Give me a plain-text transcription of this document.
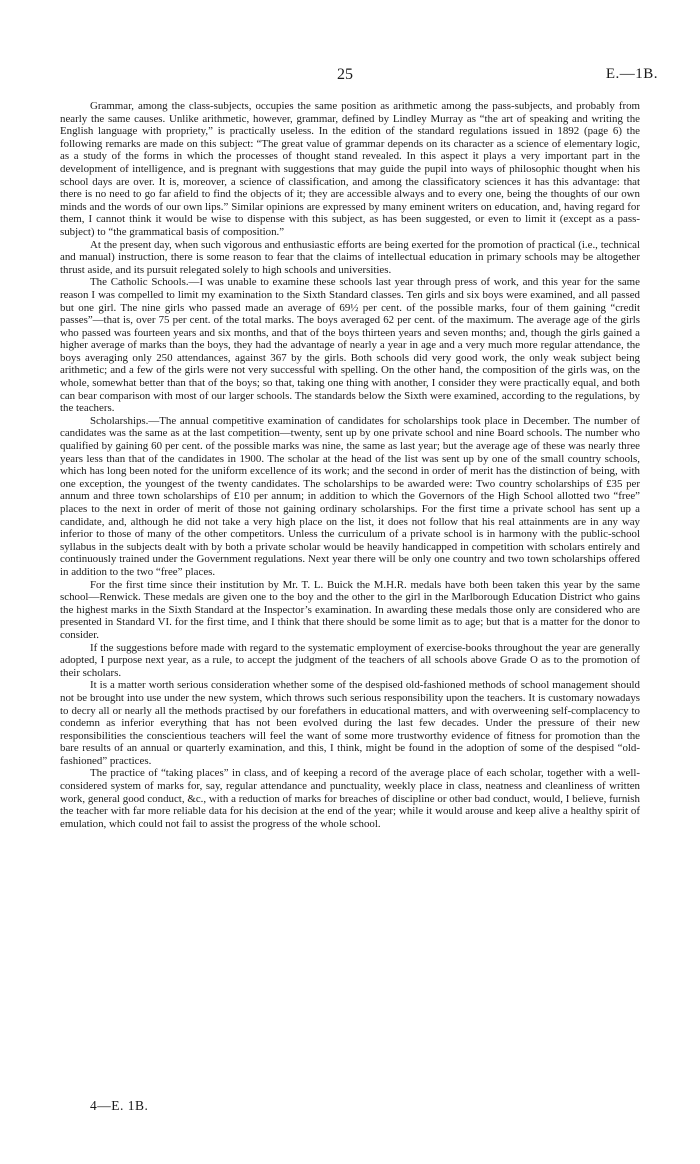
25	E.—1B.

Grammar, among the class-subjects, occupies the same position as arithmetic among the pass-subjects, and probably from nearly the same causes. Unlike arithmetic, however, grammar, defined by Lindley Murray as “the art of speaking and writing the English language with propriety,” is practically useless. In the edition of the standard regulations issued in 1892 (page 6) the following remarks are made on this subject: “The great value of grammar depends on its character as a science of elementary logic, as a study of the forms in which the processes of thought stand revealed. In this aspect it plays a very important part in the development of intelligence, and is pregnant with suggestions that may guide the pupil into ways of philosophic thought when his school days are over. It is, moreover, a science of classification, and among the classificatory sciences it has this advantage: that there is no need to go far afield to find the objects of it; they are accessible always and to every one, being the thoughts of our own minds and the words of our own lips.” Similar opinions are expressed by many eminent writers on education, and, having regard for them, I cannot think it would be wise to dispense with this subject, as has been suggested, or even to limit it (except as a pass-subject) to “the grammatical basis of composition.”

At the present day, when such vigorous and enthusiastic efforts are being exerted for the promotion of practical (i.e., technical and manual) instruction, there is some reason to fear that the claims of intellectual education in primary schools may be altogether thrust aside, and its pursuit relegated solely to high schools and universities.

The Catholic Schools.—I was unable to examine these schools last year through press of work, and this year for the same reason I was compelled to limit my examination to the Sixth Standard classes. Ten girls and six boys were examined, and all passed but one girl. The nine girls who passed made an average of 69½ per cent. of the possible marks, four of them gaining “credit passes”—that is, over 75 per cent. of the total marks. The boys averaged 62 per cent. of the maximum. The average age of the girls who passed was fourteen years and six months, and that of the boys thirteen years and seven months; and, though the girls gained a higher average of marks than the boys, they had the advantage of nearly a year in age and a very much more regular attendance, the boys averaging only 250 attendances, against 367 by the girls. Both schools did very good work, the only weak subject being arithmetic; and a few of the girls were not very successful with spelling. On the other hand, the composition of the girls was, on the whole, somewhat better than that of the boys; so that, taking one thing with another, I consider they were practically equal, and both can bear comparison with most of our larger schools. The standards below the Sixth were examined, according to the regulations, by the teachers.

Scholarships.—The annual competitive examination of candidates for scholarships took place in December. The number of candidates was the same as at the last competition—twenty, sent up by one private school and nine Board schools. The number who qualified by gaining 60 per cent. of the possible marks was nine, the same as last year; but the average age of these was nearly three years less than that of the candidates in 1900. The scholar at the head of the list was sent up by one of the small country schools, which has long been noted for the uniform excellence of its work; and the second in order of merit has the distinction of being, with one exception, the youngest of the twenty candidates. The scholarships to be awarded were: Two country scholarships of £35 per annum and three town scholarships of £10 per annum; in addition to which the Governors of the High School allotted two “free” places to the next in order of merit of those not gaining ordinary scholarships. For the first time a private school has sent up a candidate, and, although he did not take a very high place on the list, it does not follow that his real attainments are in any way inferior to those of many of the other competitors. Unless the curriculum of a private school is in harmony with the public-school syllabus in the subjects dealt with by both a private scholar would be heavily handicapped in competition with scholars entirely and continuously trained under the Government regulations. Next year there will be only one country and two town scholarships offered in addition to the two “free” places.

For the first time since their institution by Mr. T. L. Buick the M.H.R. medals have both been taken this year by the same school—Renwick. These medals are given one to the boy and the other to the girl in the Marlborough Education District who gains the highest marks in the Sixth Standard at the Inspector’s examination. In awarding these medals those only are considered who are presented in Standard VI. for the first time, and I think that there should be some limit as to age; but that is a matter for the donor to consider.

If the suggestions before made with regard to the systematic employment of exercise-books throughout the year are generally adopted, I purpose next year, as a rule, to accept the judgment of the teachers of all schools above Grade O as to the promotion of their scholars.

It is a matter worth serious consideration whether some of the despised old-fashioned methods of school management should not be brought into use under the new system, which throws such serious responsibility upon the teachers. It is customary nowadays to decry all or nearly all the methods practised by our forefathers in educational matters, and with overweening self-complacency to condemn as inferior everything that has not been evolved during the last few decades. Under the pressure of their new responsibilities the conscientious teachers will feel the want of some more trustworthy evidence of fitness for promotion than the bare results of an annual or quarterly examination, and this, I think, might be found in the adoption of some of the despised “old-fashioned” practices.

The practice of “taking places” in class, and of keeping a record of the average place of each scholar, together with a well-considered system of marks for, say, regular attendance and punctuality, weekly place in class, neatness and cleanliness of written work, general good conduct, &c., with a reduction of marks for breaches of discipline or other bad conduct, would, I believe, furnish the teacher with far more reliable data for his decision at the end of the year; while it would arouse and keep alive a healthy spirit of emulation, which could not fail to assist the progress of the whole school.

4—E. 1B.
